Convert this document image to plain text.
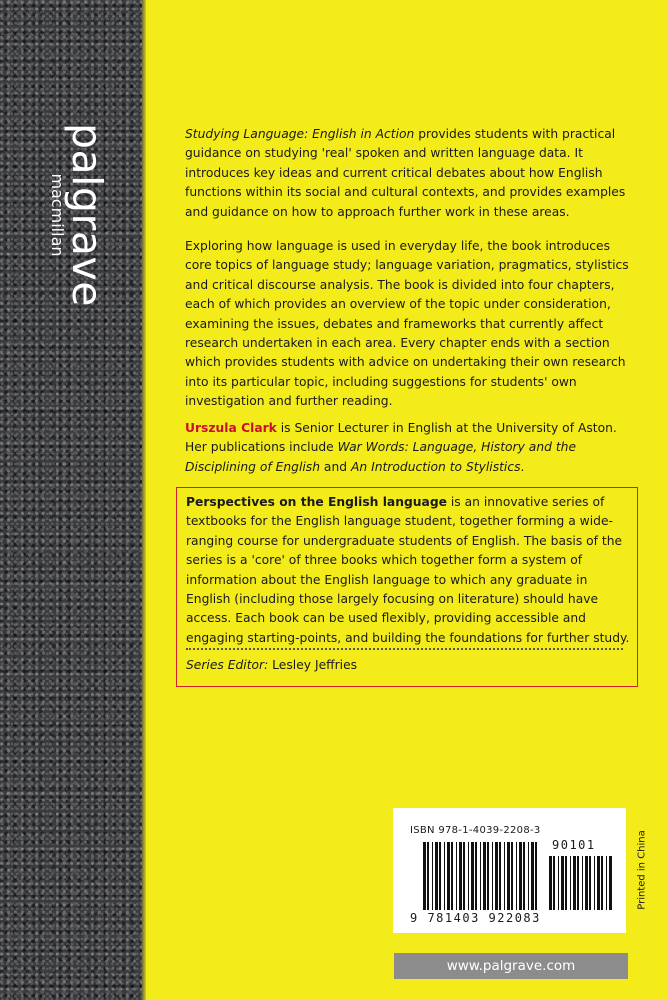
palgrave
macmillan

Studying Language: English in Action provides students with practical guidance on studying 'real' spoken and written language data. It introduces key ideas and current critical debates about how English functions within its social and cultural contexts, and provides examples and guidance on how to approach further work in these areas.

Exploring how language is used in everyday life, the book introduces core topics of language study; language variation, pragmatics, stylistics and critical discourse analysis. The book is divided into four chapters, each of which provides an overview of the topic under consideration, examining the issues, debates and frameworks that currently affect research undertaken in each area. Every chapter ends with a section which provides students with advice on undertaking their own research into its particular topic, including suggestions for students' own investigation and further reading.

Urszula Clark is Senior Lecturer in English at the University of Aston. Her publications include War Words: Language, History and the Disciplining of English and An Introduction to Stylistics.

Perspectives on the English language is an innovative series of textbooks for the English language student, together forming a wide-ranging course for undergraduate students of English. The basis of the series is a 'core' of three books which together form a system of information about the English language to which any graduate in English (including those largely focusing on literature) should have access. Each book can be used flexibly, providing accessible and engaging starting-points, and building the foundations for further study.

Series Editor: Lesley Jeffries

ISBN 978-1-4039-2208-3

90101

9 781403 922083

Printed in China

www.palgrave.com
